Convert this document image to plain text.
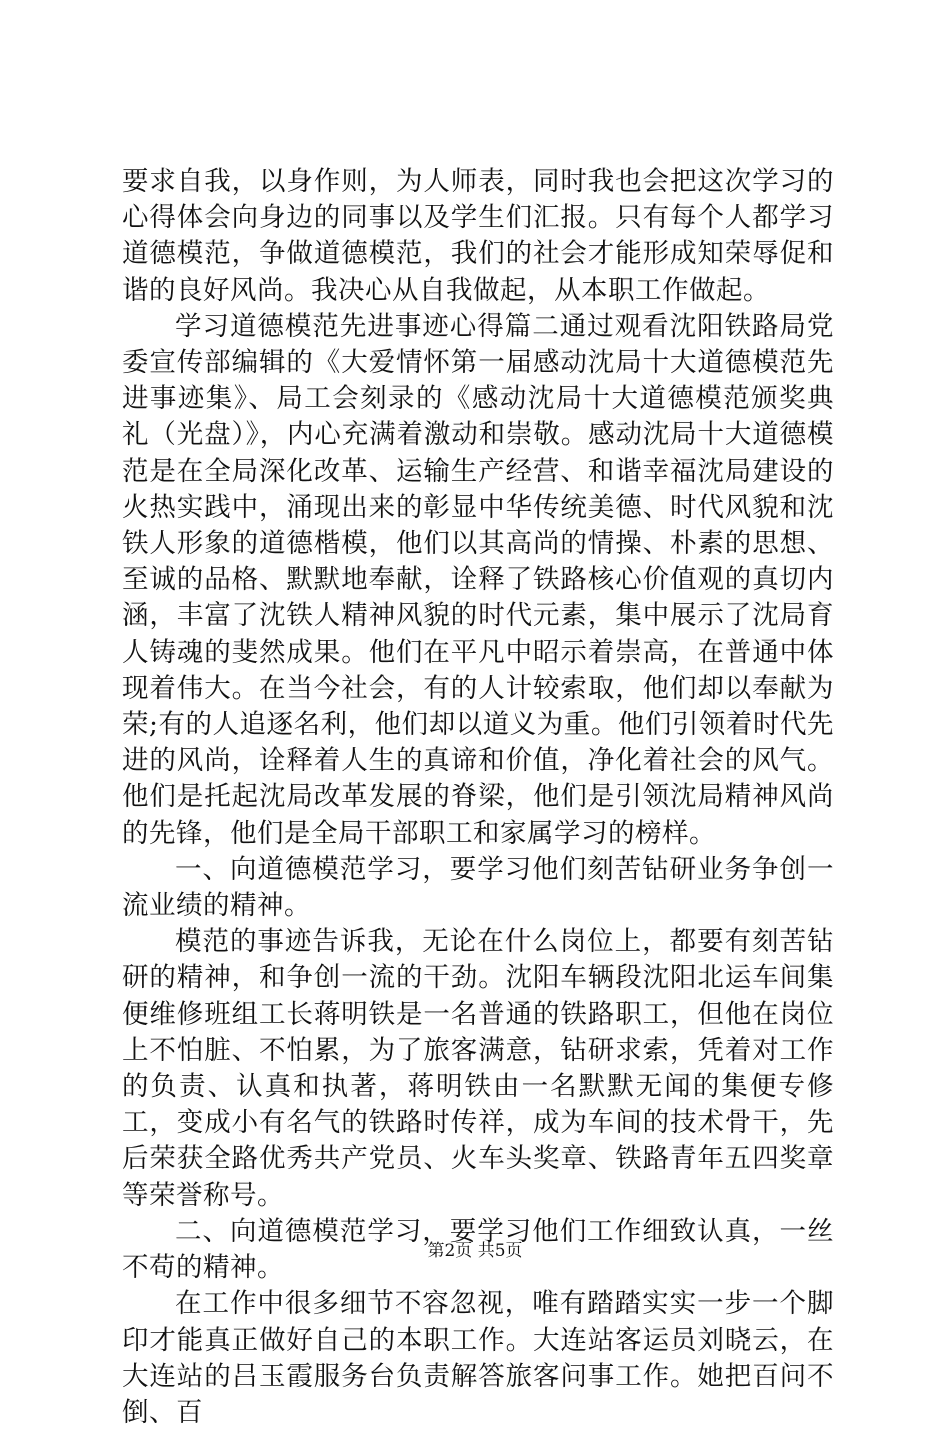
要求自我，以身作则，为人师表，同时我也会把这次学习的心得体会向身边的同事以及学生们汇报。只有每个人都学习道德模范，争做道德模范，我们的社会才能形成知荣辱促和谐的良好风尚。我决心从自我做起，从本职工作做起。

学习道德模范先进事迹心得篇二通过观看沈阳铁路局党委宣传部编辑的《大爱情怀第一届感动沈局十大道德模范先进事迹集》、局工会刻录的《感动沈局十大道德模范颁奖典礼（光盘）》，内心充满着激动和崇敬。感动沈局十大道德模范是在全局深化改革、运输生产经营、和谐幸福沈局建设的火热实践中，涌现出来的彰显中华传统美德、时代风貌和沈铁人形象的道德楷模，他们以其高尚的情操、朴素的思想、至诚的品格、默默地奉献，诠释了铁路核心价值观的真切内涵，丰富了沈铁人精神风貌的时代元素，集中展示了沈局育人铸魂的斐然成果。他们在平凡中昭示着崇高，在普通中体现着伟大。在当今社会，有的人计较索取，他们却以奉献为荣;有的人追逐名利，他们却以道义为重。他们引领着时代先进的风尚，诠释着人生的真谛和价值，净化着社会的风气。他们是托起沈局改革发展的脊梁，他们是引领沈局精神风尚的先锋，他们是全局干部职工和家属学习的榜样。

一、向道德模范学习，要学习他们刻苦钻研业务争创一流业绩的精神。

模范的事迹告诉我，无论在什么岗位上，都要有刻苦钻研的精神，和争创一流的干劲。沈阳车辆段沈阳北运车间集便维修班组工长蒋明铁是一名普通的铁路职工，但他在岗位上不怕脏、不怕累，为了旅客满意，钻研求索，凭着对工作的负责、认真和执著，蒋明铁由一名默默无闻的集便专修工，变成小有名气的铁路时传祥，成为车间的技术骨干，先后荣获全路优秀共产党员、火车头奖章、铁路青年五四奖章等荣誉称号。

二、向道德模范学习，要学习他们工作细致认真，一丝不苟的精神。

在工作中很多细节不容忽视，唯有踏踏实实一步一个脚印才能真正做好自己的本职工作。大连站客运员刘晓云，在大连站的吕玉霞服务台负责解答旅客问事工作。她把百问不倒、百

第2页 共5页
